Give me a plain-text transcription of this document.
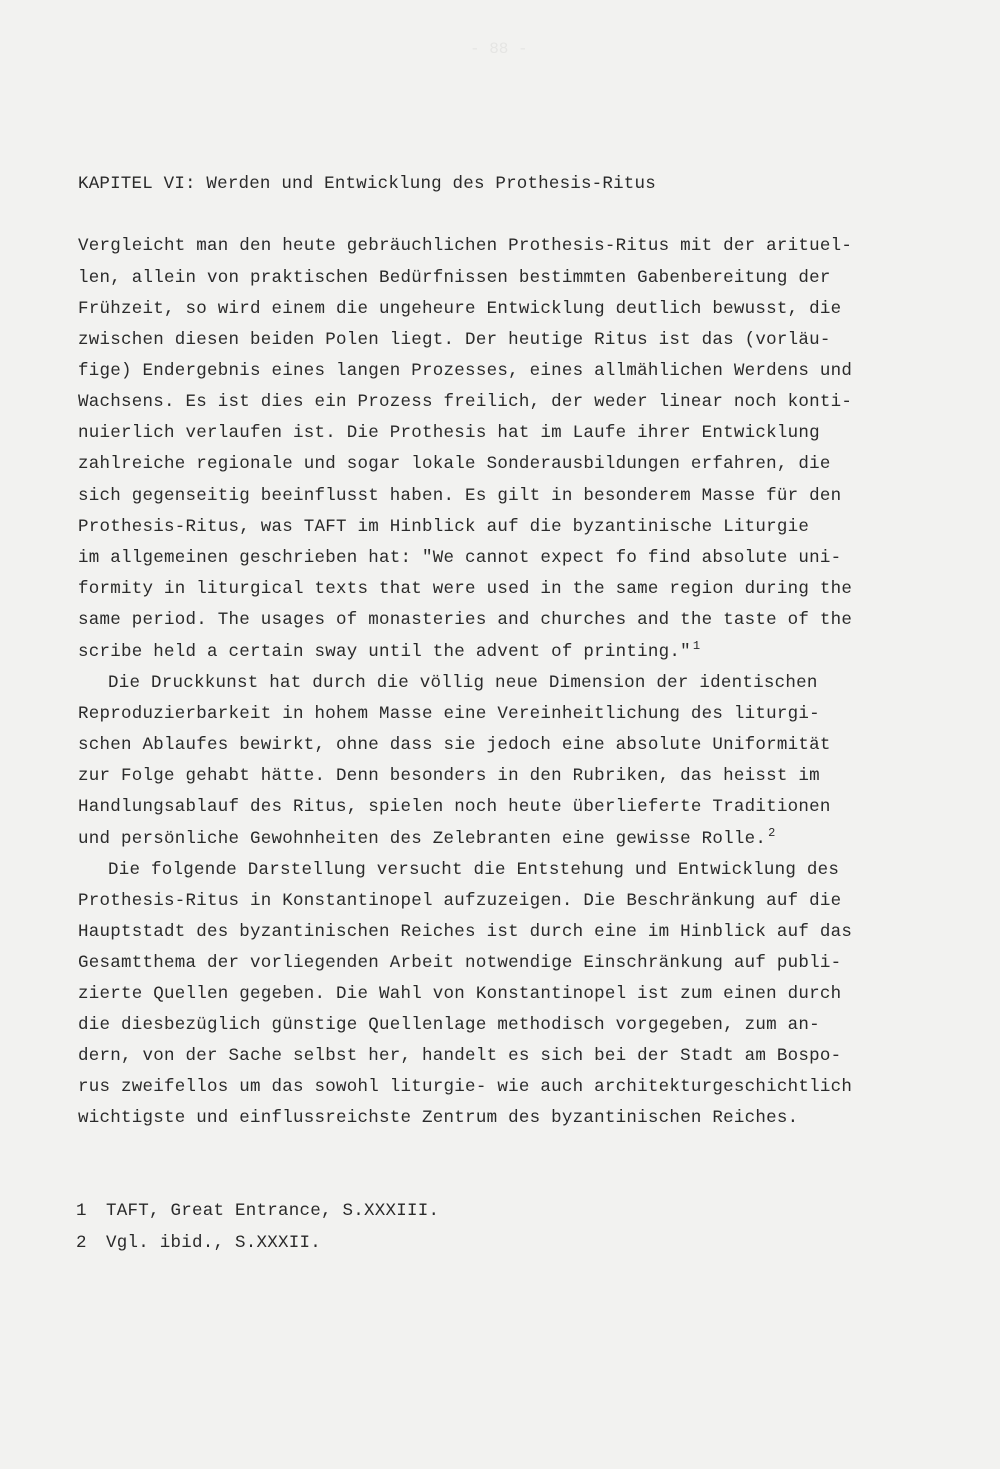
KAPITEL VI: Werden und Entwicklung des Prothesis-Ritus
Vergleicht man den heute gebräuchlichen Prothesis-Ritus mit der arituel-
len, allein von praktischen Bedürfnissen bestimmten Gabenbereitung der
Frühzeit, so wird einem die ungeheure Entwicklung deutlich bewusst, die
zwischen diesen beiden Polen liegt. Der heutige Ritus ist das (vorläu-
fige) Endergebnis eines langen Prozesses, eines allmählichen Werdens und
Wachsens. Es ist dies ein Prozess freilich, der weder linear noch konti-
nuierlich verlaufen ist. Die Prothesis hat im Laufe ihrer Entwicklung
zahlreiche regionale und sogar lokale Sonderausbildungen erfahren, die
sich gegenseitig beeinflusst haben. Es gilt in besonderem Masse für den
Prothesis-Ritus, was TAFT im Hinblick auf die byzantinische Liturgie
im allgemeinen geschrieben hat: "We cannot expect fo find absolute uni-
formity in liturgical texts that were used in the same region during the
same period. The usages of monasteries and churches and the taste of the
scribe held a certain sway until the advent of printing." $^1$
Die Druckkunst hat durch die völlig neue Dimension der identischen
Reproduzierbarkeit in hohem Masse eine Vereinheitlichung des liturgi-
schen Ablaufes bewirkt, ohne dass sie jedoch eine absolute Uniformität
zur Folge gehabt hätte. Denn besonders in den Rubriken, das heisst im
Handlungsablauf des Ritus, spielen noch heute überlieferte Traditionen
und persönliche Gewohnheiten des Zelebranten eine gewisse Rolle. $^2$
Die folgende Darstellung versucht die Entstehung und Entwicklung des
Prothesis-Ritus in Konstantinopel aufzuzeigen. Die Beschränkung auf die
Hauptstadt des byzantinischen Reiches ist durch eine im Hinblick auf das
Gesamtthema der vorliegenden Arbeit notwendige Einschränkung auf publi-
zierte Quellen gegeben. Die Wahl von Konstantinopel ist zum einen durch
die diesbezüglich günstige Quellenlage methodisch vorgegeben, zum an-
dern, von der Sache selbst her, handelt es sich bei der Stadt am Bospo-
rus zweifellos um das sowohl liturgie- wie auch architekturgeschichtlich
wichtigste und einflussreichste Zentrum des byzantinischen Reiches.
1 TAFT, Great Entrance, S.XXXIII.
2 Vgl. ibid., S.XXXII.
- 88 -
